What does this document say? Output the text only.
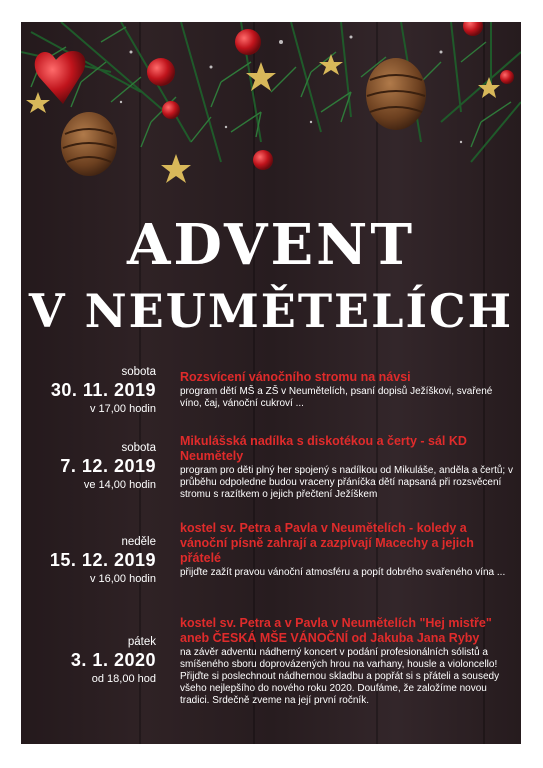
ADVENT
V NEUMĚTELÍCH
sobota
30. 11. 2019
v 17,00 hodin
Rozsvícení vánočního stromu na návsi
program dětí MŠ a ZŠ v Neumětelích, psaní dopisů Ježíškovi, svařené víno, čaj, vánoční cukroví ...
sobota
7. 12. 2019
ve 14,00 hodin
Mikulášská nadílka s diskotékou a čerty - sál KD Neumětely
program pro děti plný her spojený s nadílkou od Mikuláše, anděla a čertů; v průběhu odpoledne budou vraceny přáníčka dětí napsaná při rozsvěcení stromu s razítkem o jejich přečtení Ježíškem
neděle
15. 12. 2019
v 16,00 hodin
kostel sv. Petra a Pavla v Neumětelích - koledy a vánoční písně zahrají a zazpívají Macechy a jejich přátelé
přijďte zažít pravou vánoční atmosféru a popít dobrého svařeného vína ...
pátek
3. 1. 2020
od 18,00 hod
kostel sv. Petra a v Pavla v Neumětelích "Hej mistře" aneb ČESKÁ MŠE VÁNOČNÍ od Jakuba Jana Ryby
na závěr adventu nádherný koncert v podání profesionálních sólistů a smíšeného sboru doprovázených hrou na varhany, housle a violoncello! Přijďte si poslechnout nádhernou skladbu a popřát si s přáteli a sousedy všeho nejlepšího do nového roku 2020. Doufáme, že založíme novou tradici. Srdečně zveme na její první ročník.
